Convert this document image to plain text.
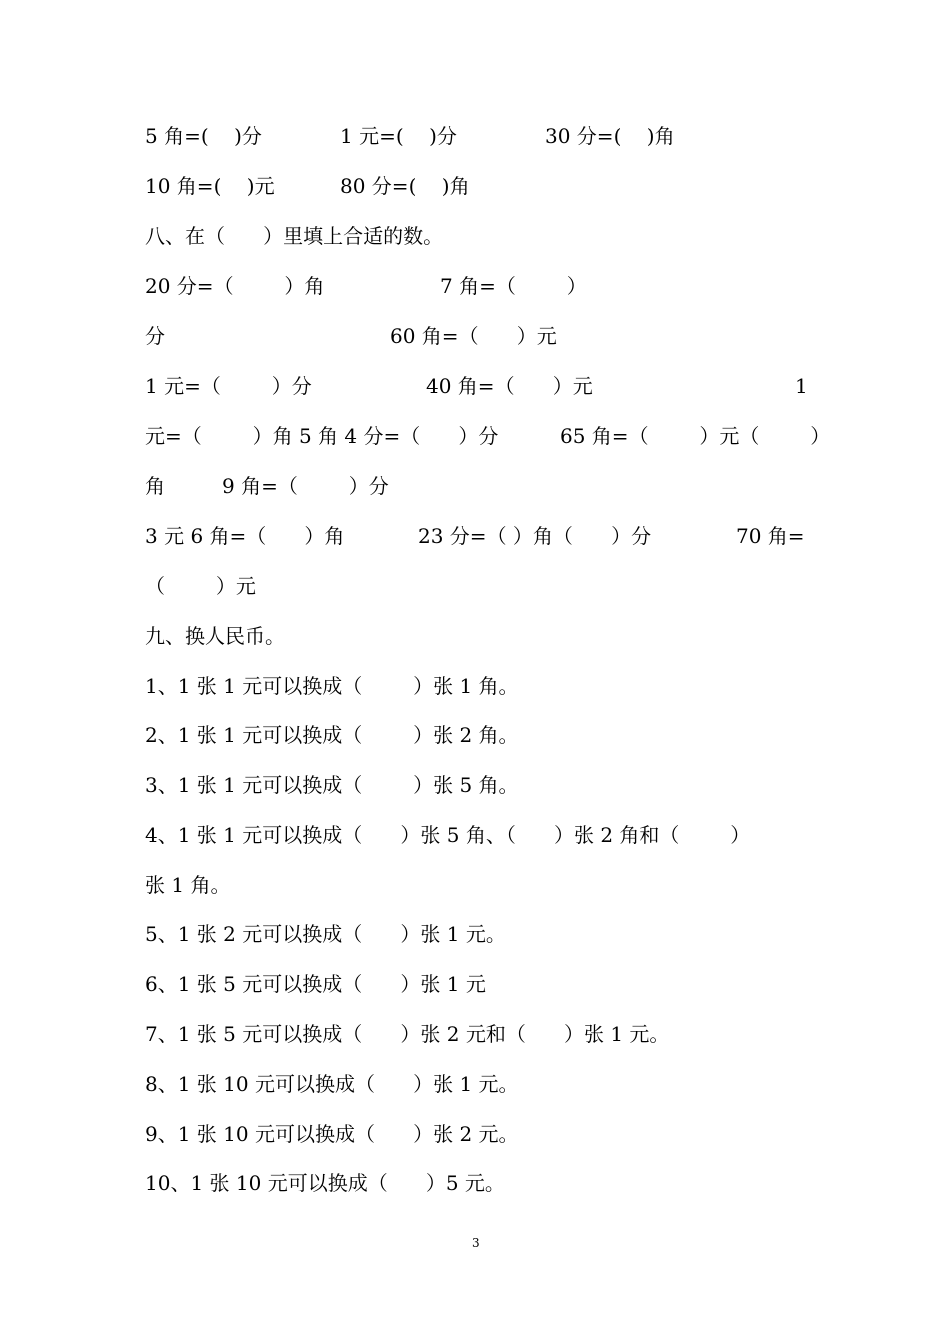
5 角=(    )分	1 元=(    )分	30 分=(    )角
10 角=(    )元	80 分=(    )角
八、在（      ）里填上合适的数。
20 分=（        ）角	7 角=（        ）
分	60 角=（      ）元
1 元=（        ）分	40 角=（      ）元	1
元=（        ）角 5 角 4 分=（      ）分	65 角=（        ）元（        ）
角	9 角=（        ）分
3 元 6 角=（      ）角	23 分=（ ）角（      ）分	70 角=
（        ）元
九、换人民币。
1、1 张 1 元可以换成（        ）张 1 角。
2、1 张 1 元可以换成（        ）张 2 角。
3、1 张 1 元可以换成（        ）张 5 角。
4、1 张 1 元可以换成（      ）张 5 角、（      ）张 2 角和（        ）
张 1 角。
5、1 张 2 元可以换成（      ）张 1 元。
6、1 张 5 元可以换成（      ）张 1 元
7、1 张 5 元可以换成（      ）张 2 元和（      ）张 1 元。
8、1 张 10 元可以换成（      ）张 1 元。
9、1 张 10 元可以换成（      ）张 2 元。
10、1 张 10 元可以换成（      ）5 元。
3
